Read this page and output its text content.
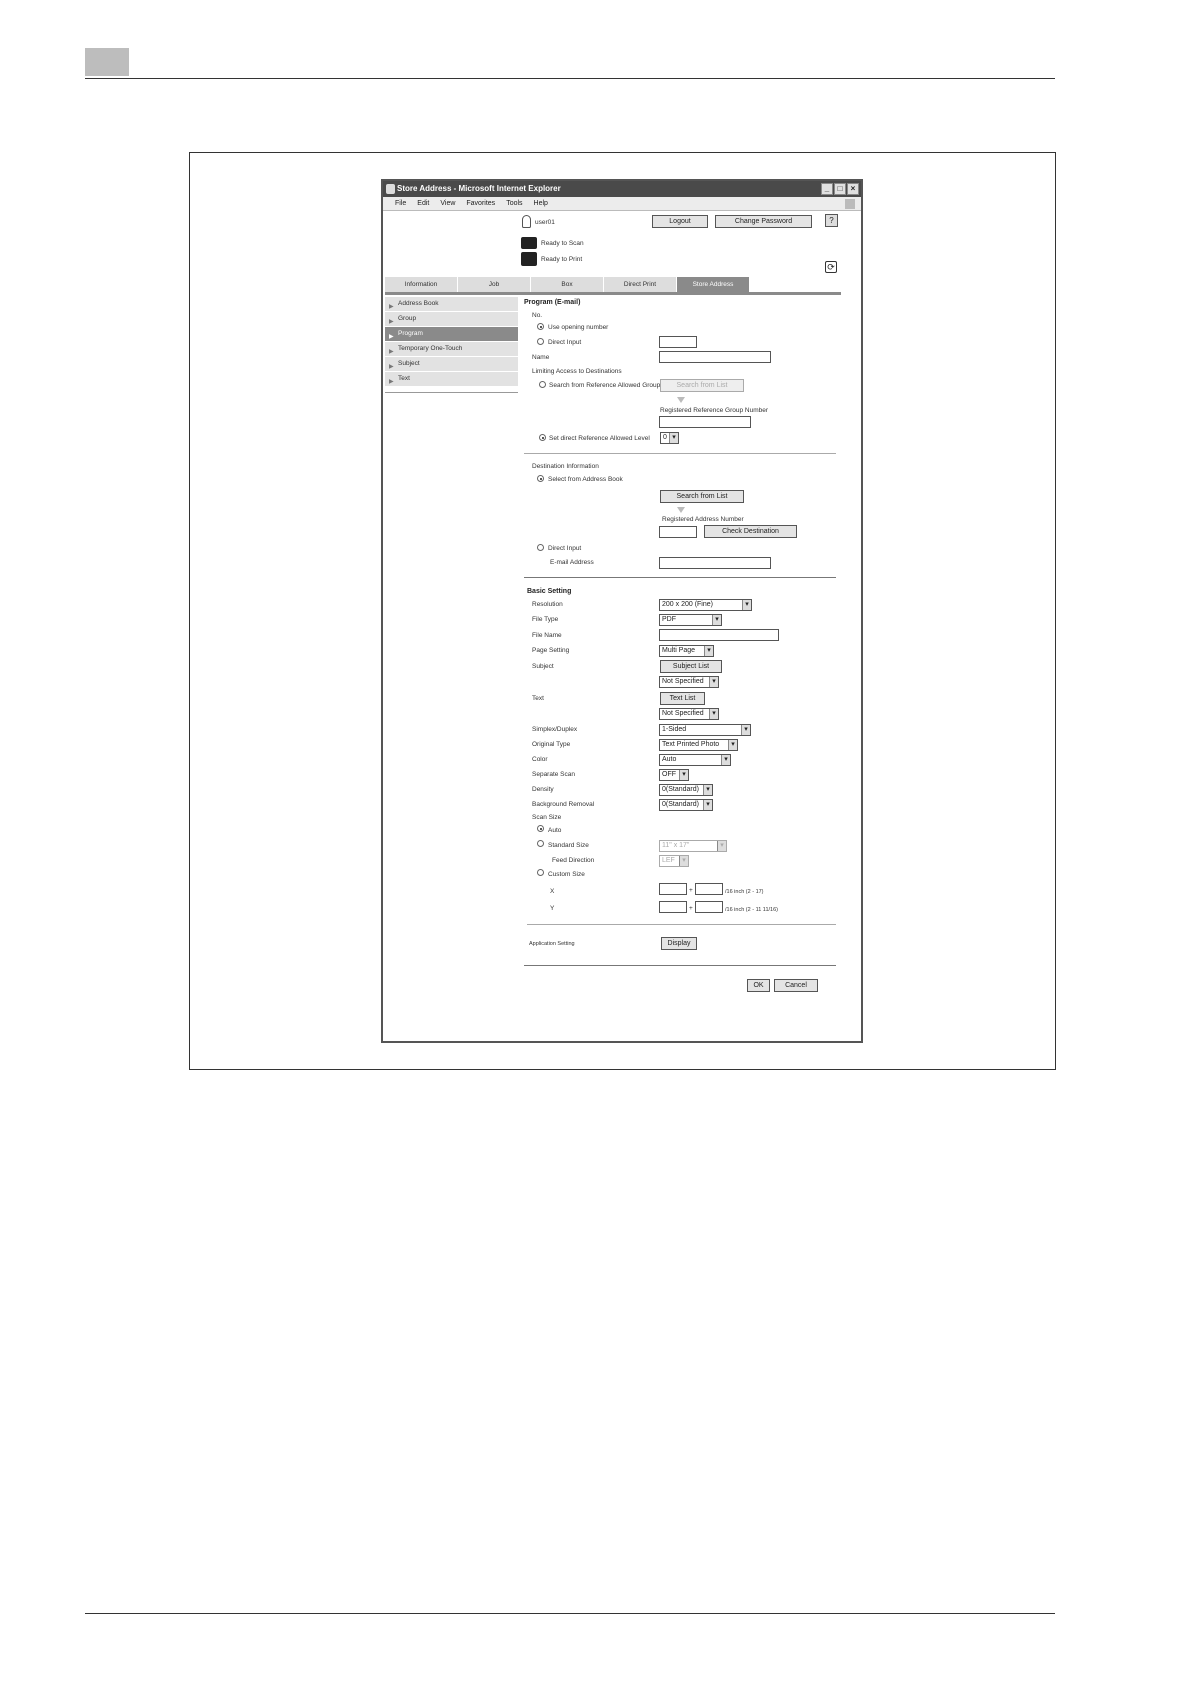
Store Address - Microsoft Internet Explorer	_	□	×
File Edit View Favorites Tools Help
user01	Logout	Change Password	?
Ready to Scan
Ready to Print
⟳
Information	Job	Box	Direct Print	Store Address
▶ Address Book
▶ Group
▶ Program
▶ Temporary One-Touch
▶ Subject
▶ Text
Program (E-mail)
No.
Use opening number
Direct Input
Name
Limiting Access to Destinations
Search from Reference Allowed Group	Search from List
Registered Reference Group Number
Set direct Reference Allowed Level	0 ▾
Destination Information
Select from Address Book
Search from List
Registered Address Number
Check Destination
Direct Input
E-mail Address
Basic Setting
Resolution	200 x 200 (Fine) ▾
File Type	PDF ▾
File Name
Page Setting	Multi Page ▾
Subject	Subject List
Not Specified ▾
Text	Text List
Not Specified ▾
Simplex/Duplex	1-Sided ▾
Original Type	Text Printed Photo ▾
Color	Auto ▾
Separate Scan	OFF ▾
Density	0(Standard) ▾
Background Removal	0(Standard) ▾
Scan Size
Auto
Standard Size	11" x 17" ▾
Feed Direction	LEF ▾
Custom Size
X	+	/16 inch (2 - 17)
Y	+	/16 inch (2 - 11 11/16)
Application Setting	Display
OK	Cancel
